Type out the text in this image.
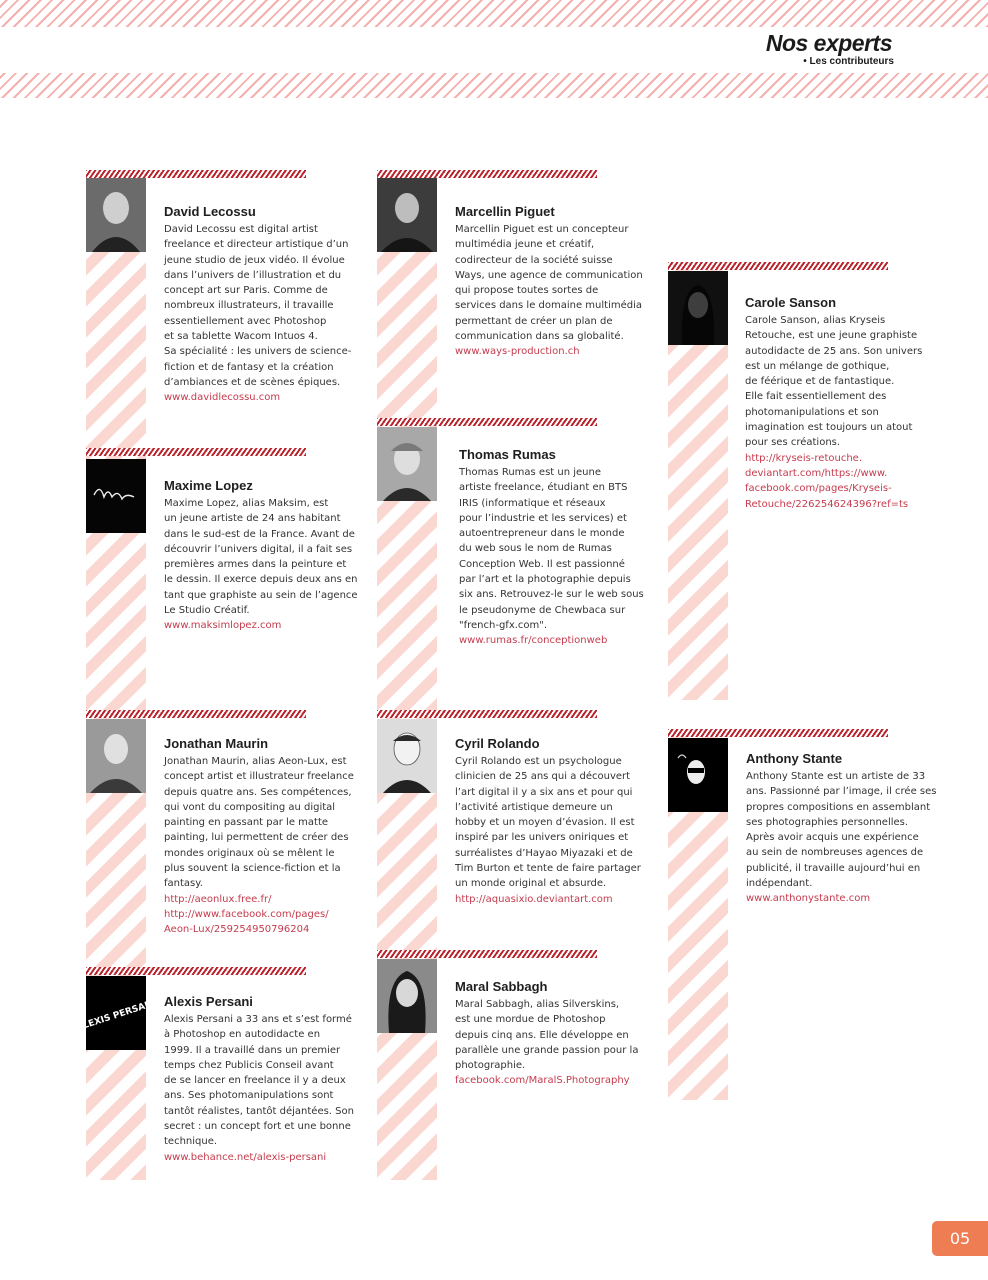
Nos experts
• Les contributeurs
ALEXIS PERSANI
David Lecossu

David Lecossu est digital artist
freelance et directeur artistique d’un
jeune studio de jeux vidéo. Il évolue
dans l’univers de l’illustration et du
concept art sur Paris. Comme de
nombreux illustrateurs, il travaille
essentiellement avec Photoshop
et sa tablette Wacom Intuos 4.
Sa spécialité : les univers de science-
fiction et de fantasy et la création
d’ambiances et de scènes épiques.

www.davidlecossu.com
Maxime Lopez

Maxime Lopez, alias Maksim, est
un jeune artiste de 24 ans habitant
dans le sud-est de la France. Avant de
découvrir l’univers digital, il a fait ses
premières armes dans la peinture et
le dessin. Il exerce depuis deux ans en
tant que graphiste au sein de l’agence
Le Studio Créatif.

www.maksimlopez.com
Jonathan Maurin

Jonathan Maurin, alias Aeon-Lux, est
concept artist et illustrateur freelance
depuis quatre ans. Ses compétences,
qui vont du compositing au digital
painting en passant par le matte
painting, lui permettent de créer des
mondes originaux où se mêlent le
plus souvent la science-fiction et la
fantasy.

http://aeonlux.free.fr/
http://www.facebook.com/pages/
Aeon-Lux/259254950796204
Alexis Persani

Alexis Persani a 33 ans et s’est formé
à Photoshop en autodidacte en
1999. Il a travaillé dans un premier
temps chez Publicis Conseil avant
de se lancer en freelance il y a deux
ans. Ses photomanipulations sont
tantôt réalistes, tantôt déjantées. Son
secret : un concept fort et une bonne
technique.

www.behance.net/alexis-persani
Marcellin Piguet

Marcellin Piguet est un concepteur
multimédia jeune et créatif,
codirecteur de la société suisse
Ways, une agence de communication
qui propose toutes sortes de
services dans le domaine multimédia
permettant de créer un plan de
communication dans sa globalité.

www.ways-production.ch
Thomas Rumas

Thomas Rumas est un jeune
artiste freelance, étudiant en BTS
IRIS (informatique et réseaux
pour l’industrie et les services) et
autoentrepreneur dans le monde
du web sous le nom de Rumas
Conception Web. Il est passionné
par l’art et la photographie depuis
six ans. Retrouvez-le sur le web sous
le pseudonyme de Chewbaca sur
"french-gfx.com".

www.rumas.fr/conceptionweb
Cyril Rolando

Cyril Rolando est un psychologue
clinicien de 25 ans qui a découvert
l’art digital il y a six ans et pour qui
l’activité artistique demeure un
hobby et un moyen d’évasion. Il est
inspiré par les univers oniriques et
surréalistes d’Hayao Miyazaki et de
Tim Burton et tente de faire partager
un monde original et absurde.

http://aquasixio.deviantart.com
Maral Sabbagh

Maral Sabbagh, alias Silverskins,
est une mordue de Photoshop
depuis cinq ans. Elle développe en
parallèle une grande passion pour la
photographie.

facebook.com/MaralS.Photography
Carole Sanson

Carole Sanson, alias Kryseis
Retouche, est une jeune graphiste
autodidacte de 25 ans. Son univers
est un mélange de gothique,
de féérique et de fantastique.
Elle fait essentiellement des
photomanipulations et son
imagination est toujours un atout
pour ses créations.

http://kryseis-retouche.
deviantart.com/https://www.
facebook.com/pages/Kryseis-
Retouche/226254624396?ref=ts
Anthony Stante

Anthony Stante est un artiste de 33
ans. Passionné par l’image, il crée ses
propres compositions en assemblant
ses photographies personnelles.
Après avoir acquis une expérience
au sein de nombreuses agences de
publicité, il travaille aujourd’hui en
indépendant.

www.anthonystante.com
05
